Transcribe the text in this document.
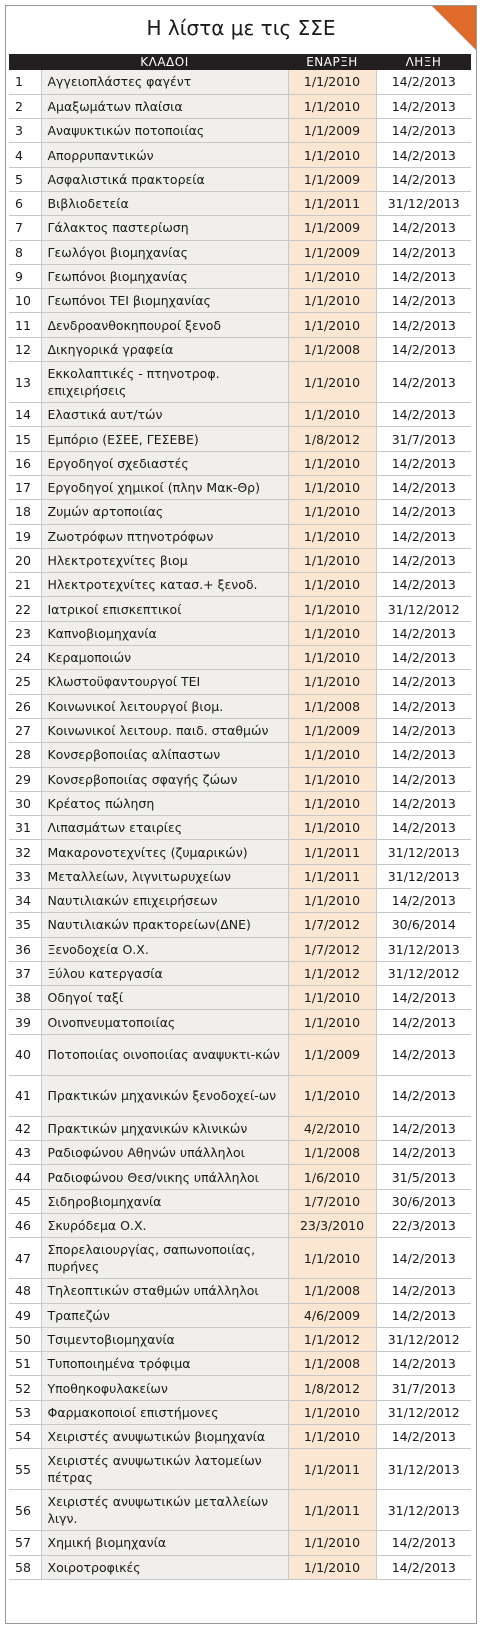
Η λίστα με τις ΣΣΕ
	ΚΛΑΔΟΙ	ΕΝΑΡΞΗ	ΛΗΞΗ
1	Αγγειοπλάστες φαγέντ	1/1/2010	14/2/2013
2	Αμαξωμάτων πλαίσια	1/1/2010	14/2/2013
3	Αναψυκτικών ποτοποιίας	1/1/2009	14/2/2013
4	Απορρυπαντικών	1/1/2010	14/2/2013
5	Ασφαλιστικά πρακτορεία	1/1/2009	14/2/2013
6	Βιβλιοδετεία	1/1/2011	31/12/2013
7	Γάλακτος παστερίωση	1/1/2009	14/2/2013
8	Γεωλόγοι βιομηχανίας	1/1/2009	14/2/2013
9	Γεωπόνοι βιομηχανίας	1/1/2010	14/2/2013
10	Γεωπόνοι ΤΕΙ βιομηχανίας	1/1/2010	14/2/2013
11	Δενδροανθοκηπουροί ξενοδ	1/1/2010	14/2/2013
12	Δικηγορικά γραφεία	1/1/2008	14/2/2013
13	Εκκολαπτικές - πτηνοτροφ. επιχειρήσεις	1/1/2010	14/2/2013
14	Ελαστικά αυτ/τών	1/1/2010	14/2/2013
15	Εμπόριο (ΕΣΕΕ, ΓΕΣΕΒΕ)	1/8/2012	31/7/2013
16	Εργοδηγοί σχεδιαστές	1/1/2010	14/2/2013
17	Εργοδηγοί χημικοί (πλην Μακ-Θρ)	1/1/2010	14/2/2013
18	Ζυμών αρτοποιίας	1/1/2010	14/2/2013
19	Ζωοτρόφων πτηνοτρόφων	1/1/2010	14/2/2013
20	Ηλεκτροτεχνίτες βιομ	1/1/2010	14/2/2013
21	Ηλεκτροτεχνίτες κατασ.+ ξενοδ.	1/1/2010	14/2/2013
22	Ιατρικοί επισκεπτικοί	1/1/2010	31/12/2012
23	Καπνοβιομηχανία	1/1/2010	14/2/2013
24	Κεραμοποιών	1/1/2010	14/2/2013
25	Κλωστοϋφαντουργοί ΤΕΙ	1/1/2010	14/2/2013
26	Κοινωνικοί λειτουργοί βιομ.	1/1/2008	14/2/2013
27	Κοινωνικοί λειτουρ. παιδ. σταθμών	1/1/2009	14/2/2013
28	Κονσερβοποιίας αλίπαστων	1/1/2010	14/2/2013
29	Κονσερβοποιίας σφαγής ζώων	1/1/2010	14/2/2013
30	Κρέατος πώληση	1/1/2010	14/2/2013
31	Λιπασμάτων εταιρίες	1/1/2010	14/2/2013
32	Μακαρονοτεχνίτες (ζυμαρικών)	1/1/2011	31/12/2013
33	Μεταλλείων, λιγνιτωρυχείων	1/1/2011	31/12/2013
34	Ναυτιλιακών επιχειρήσεων	1/1/2010	14/2/2013
35	Ναυτιλιακών πρακτορείων(ΔΝΕ)	1/7/2012	30/6/2014
36	Ξενοδοχεία Ο.Χ.	1/7/2012	31/12/2013
37	Ξύλου κατεργασία	1/1/2012	31/12/2012
38	Οδηγοί ταξί	1/1/2010	14/2/2013
39	Οινοπνευματοποιίας	1/1/2010	14/2/2013
40	Ποτοποιίας οινοποιίας αναψυκτι-κών	1/1/2009	14/2/2013
41	Πρακτικών μηχανικών ξενοδοχεί-ων	1/1/2010	14/2/2013
42	Πρακτικών μηχανικών κλινικών	4/2/2010	14/2/2013
43	Ραδιοφώνου Αθηνών υπάλληλοι	1/1/2008	14/2/2013
44	Ραδιοφώνου Θεσ/νικης υπάλληλοι	1/6/2010	31/5/2013
45	Σιδηροβιομηχανία	1/7/2010	30/6/2013
46	Σκυρόδεμα Ο.Χ.	23/3/2010	22/3/2013
47	Σπορελαιουργίας, σαπωνοποιίας, πυρήνες	1/1/2010	14/2/2013
48	Τηλεοπτικών σταθμών υπάλληλοι	1/1/2008	14/2/2013
49	Τραπεζών	4/6/2009	14/2/2013
50	Τσιμεντοβιομηχανία	1/1/2012	31/12/2012
51	Τυποποιημένα τρόφιμα	1/1/2008	14/2/2013
52	Υποθηκοφυλακείων	1/8/2012	31/7/2013
53	Φαρμακοποιοί επιστήμονες	1/1/2010	31/12/2012
54	Χειριστές ανυψωτικών βιομηχανία	1/1/2010	14/2/2013
55	Χειριστές ανυψωτικών λατομείων πέτρας	1/1/2011	31/12/2013
56	Χειριστές ανυψωτικών μεταλλείων λιγν.	1/1/2011	31/12/2013
57	Χημική βιομηχανία	1/1/2010	14/2/2013
58	Χοιροτροφικές	1/1/2010	14/2/2013
